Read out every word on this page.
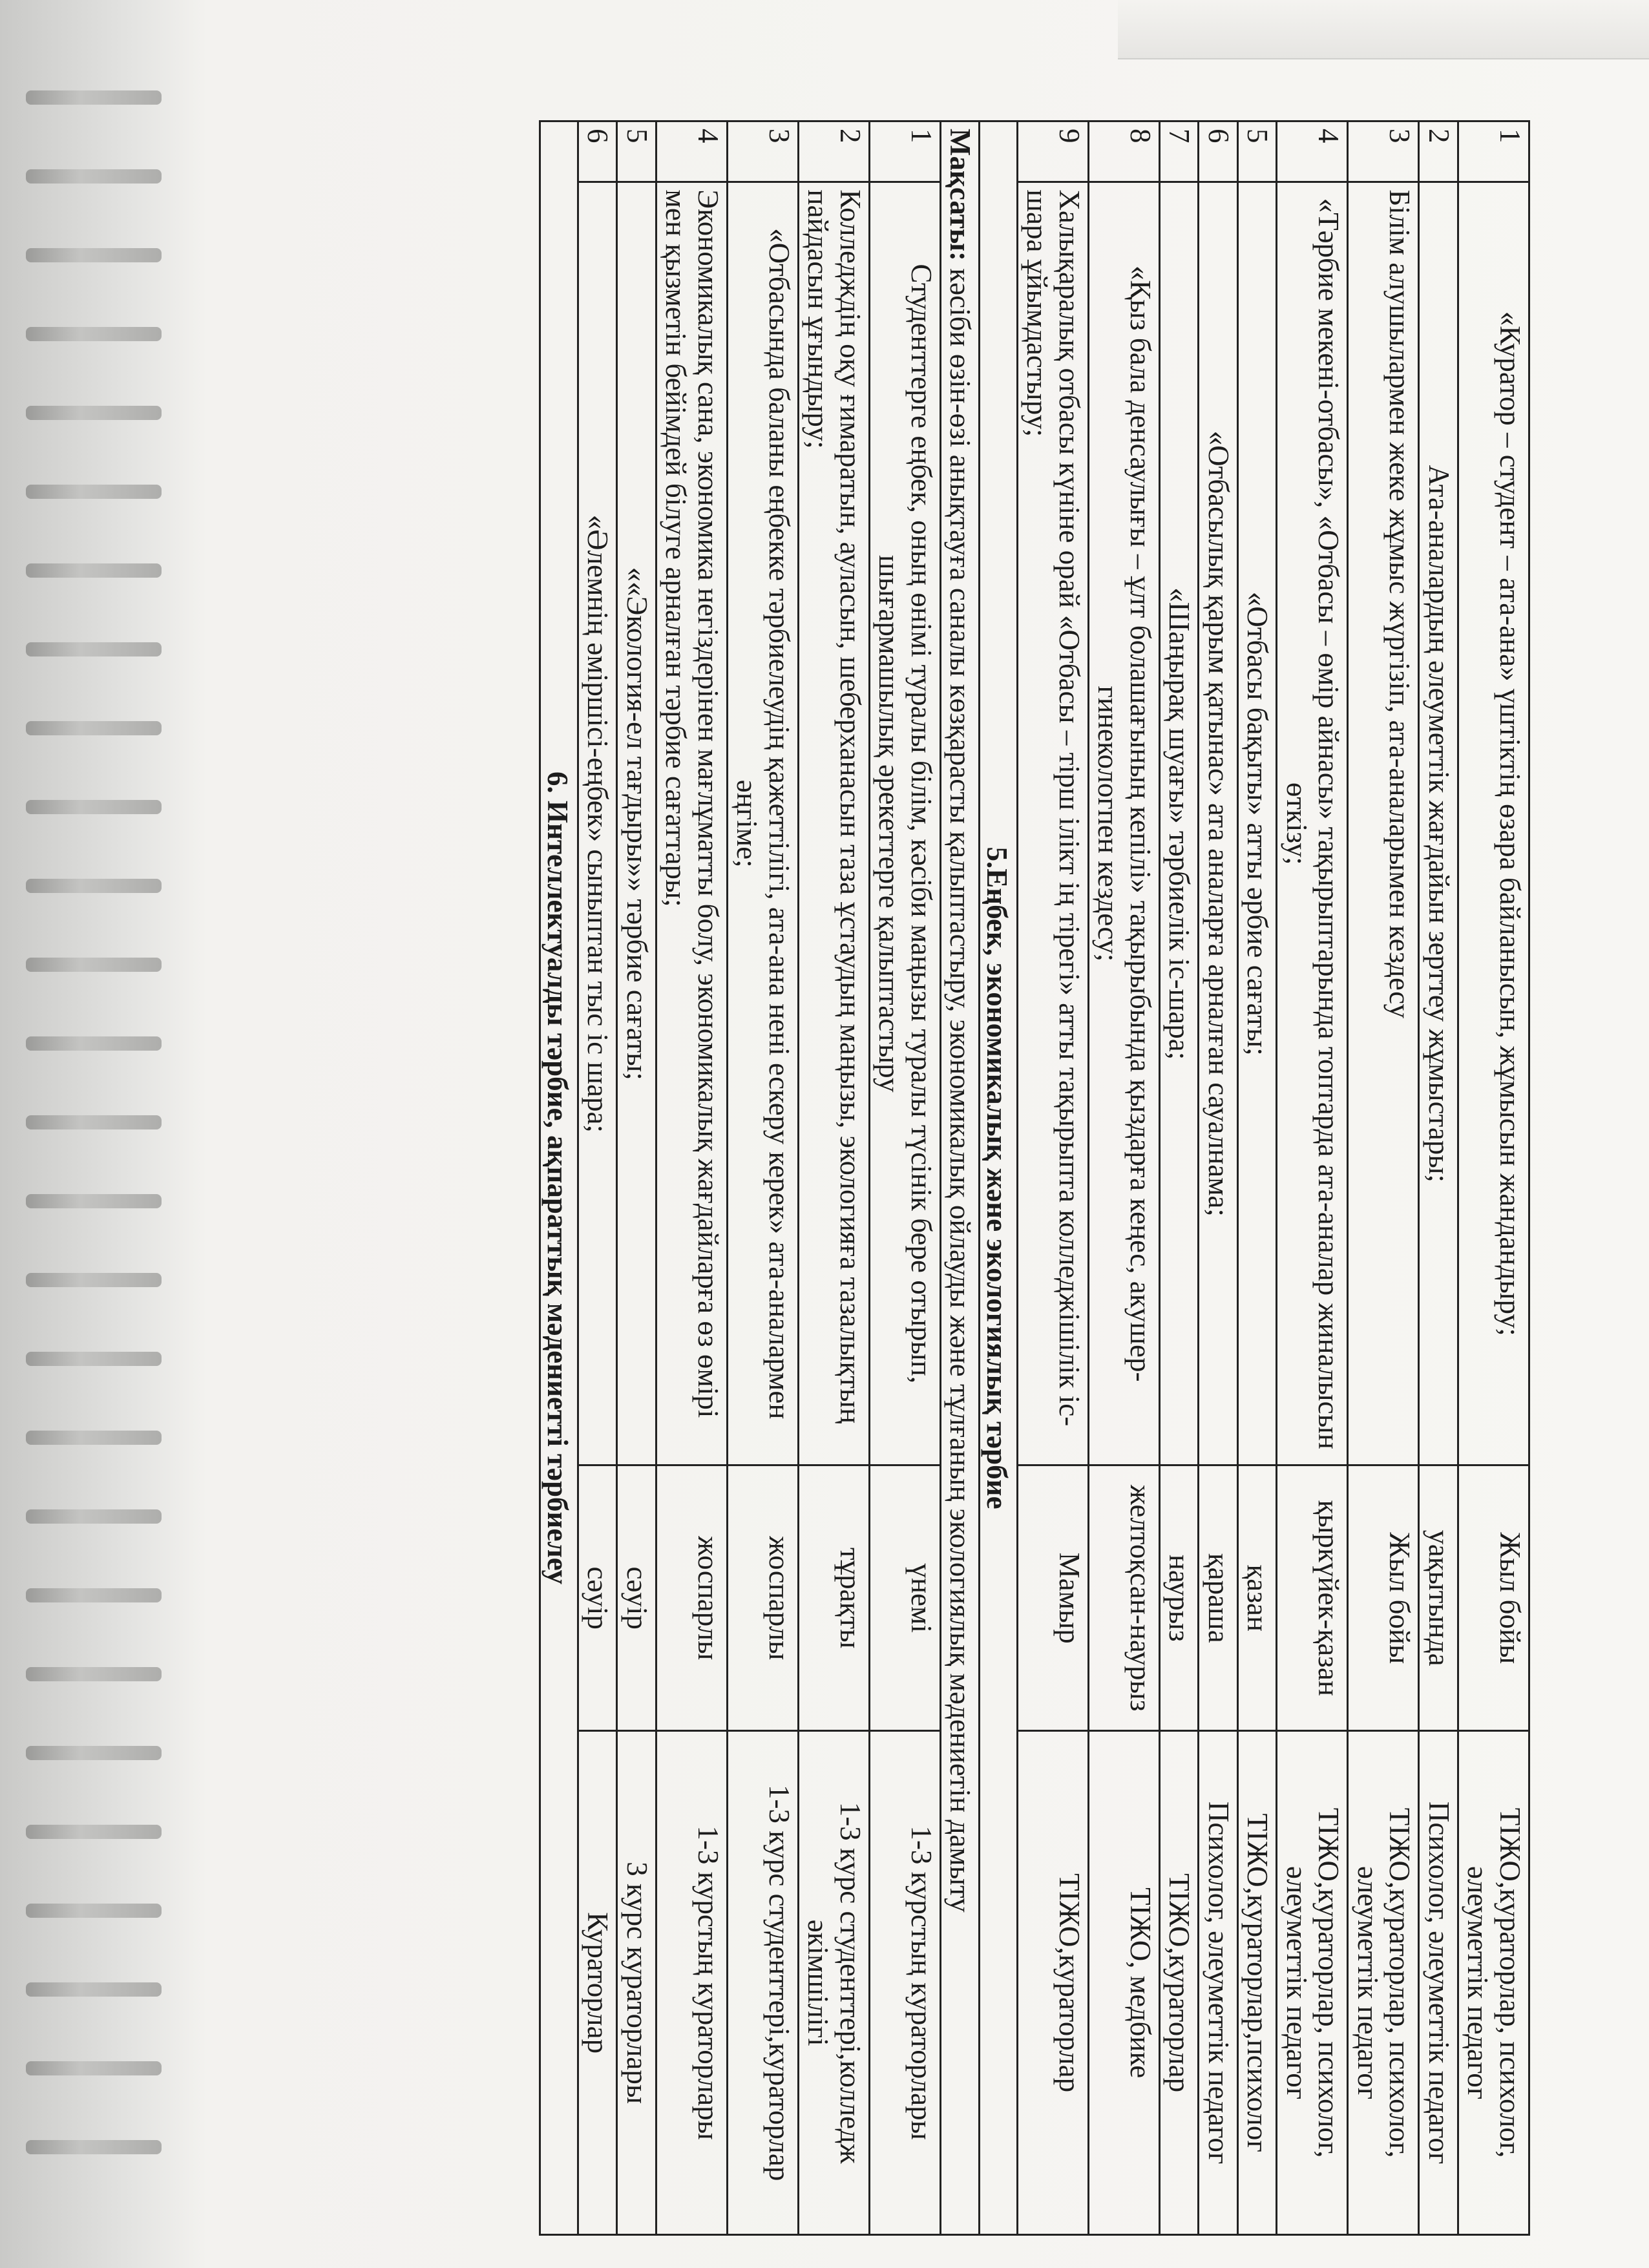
1	«Куратор – студент – ата-ана» үштіктің өзара байланысын, жұмысын жандандыру;	Жыл бойы	ТІЖО,кураторлар, психолог, әлеуметтік педагог
2	Ата-аналардың әлеуметтік жағдайын зерттеу жұмыстары;	уақытында	Психолог, әлеуметтік педагог
3	Білім алушылармен жеке жұмыс жүргізіп, ата-аналарымен кездесу	Жыл бойы	ТІЖО,кураторлар, психолог, әлеуметтік педагог
4	«Тәрбие мекені-отбасы», «Отбасы – өмір айнасы» тақырыптарында топтарда ата-аналар жиналысын өткізу;	қыркүйек-қазан	ТІЖО,кураторлар, психолог, әлеуметтік педагог
5	«Отбасы бақыты» атты әрбие сағаты;	қазан	ТІЖО,кураторлар,психолог
6	«Отбасылық қарым қатынас» ата аналарға арналған сауалнама;	қараша	Психолог, әлеуметтік педагог
7	«Шаңырақ шуағы» тәрбиелік іс-шара;	наурыз	ТІЖО,кураторлар
8	«Қыз бала денсаулығы – ұлт болашағының кепілі» тақырыбында қыздарға кеңес, акушер- гинекологпен кездесу;	желтоқсан-наурыз	ТІЖО, медбике
9	Халықаралық отбасы күніне орай «Отбасы – тірш ілікт ің тірегі» атты тақырыпта колледжішілік іс-шара ұйымдастыру;	Мамыр	ТІЖО,кураторлар
5.Еңбек, экономикалық және экологиялық тәрбие			

Мақсаты: кәсіби өзін-өзі анықтауға саналы көзқарасты қалыптастыру, экономикалық ойлауды және тұлғаның экологиялық мәдениетін дамыту			

1	Студенттерге еңбек, оның өнімі туралы білім, кәсіби маңызы туралы түсінік бере отырып, шығармашылық әрекеттерге қалыптастыру	үнемі	1-3 курстың кураторлары
2	Колледждің оқу ғимаратын, ауласын, шеберханасын таза ұстаудың маңызы, экологияға тазалықтың пайдасын ұғындыру;	тұрақты	1-3 курс студенттері,колледж әкімшілігі
3	«Отбасында баланы еңбекке тәрбиелеудің қажеттілігі, ата-ана нені ескеру керек» ата-аналармен әңгіме;	жоспарлы	1-3 курс студенттері,кураторлар
4	Экономикалық сана, экономика негіздерінен мағлұматты болу, экономикалық жағдайларға өз өмірі мен қызметін бейімдей білуге арналған тәрбие сағаттары;	жоспарлы	1-3 курстың кураторлары
5	««Экология-ел тағдыры»» тәрбие сағаты;	сәуір	3 курс кураторлары
6	«Әлемнің әміршісі-еңбек» сыныптан тыс іс шара;	сәуір	Кураторлар
6. Интеллектуалды тәрбие, ақпараттық мәдениетті тәрбиелеу			
